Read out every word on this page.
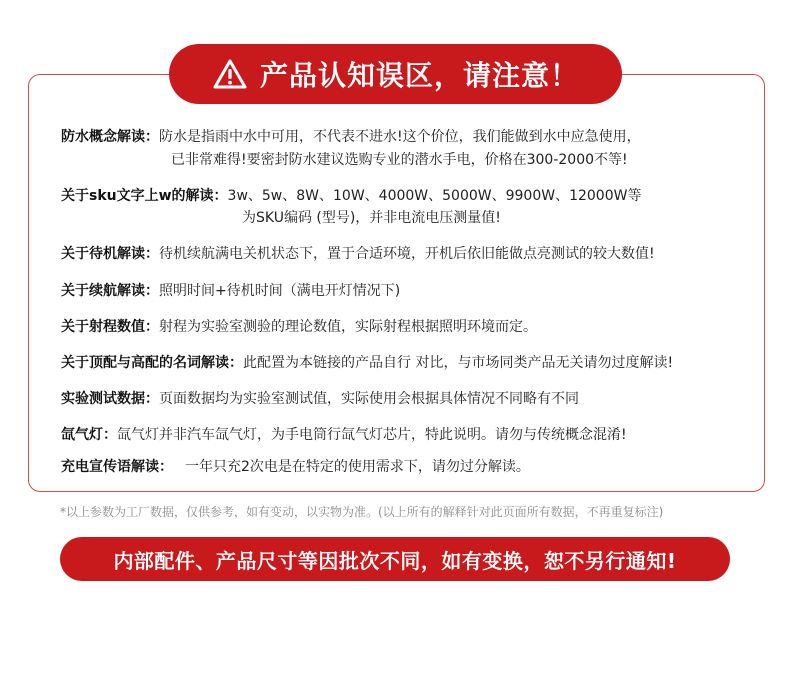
产品认知误区，请注意！
防水概念解读：防水是指雨中水中可用，不代表不进水!这个价位，我们能做到水中应急使用，
已非常难得!要密封防水建议选购专业的潜水手电，价格在300-2000不等!
关于sku文字上w的解读：3w、5w、8W、10W、4000W、5000W、9900W、12000W等
为SKU编码 (型号)，并非电流电压测量值!
关于待机解读：待机续航满电关机状态下，置于合适环境，开机后依旧能做点亮测试的较大数值!
关于续航解读：照明时间+待机时间（满电开灯情况下)
关于射程数值：射程为实验室测验的理论数值，实际射程根据照明环境而定。
关于顶配与高配的名词解读：此配置为本链接的产品自行 对比，与市场同类产品无关请勿过度解读!
实验测试数据：页面数据均为实验室测试值，实际使用会根据具体情况不同略有不同
氙气灯：氙气灯并非汽车氙气灯，为手电筒行氙气灯芯片，特此说明。请勿与传统概念混淆!
充电宣传语解读： 一年只充2次电是在特定的使用需求下，请勿过分解读。
*以上参数为工厂数据，仅供参考，如有变动，以实物为准。(以上所有的解释针对此页面所有数据，不再重复标注)
内部配件、产品尺寸等因批次不同，如有变换，恕不另行通知!
